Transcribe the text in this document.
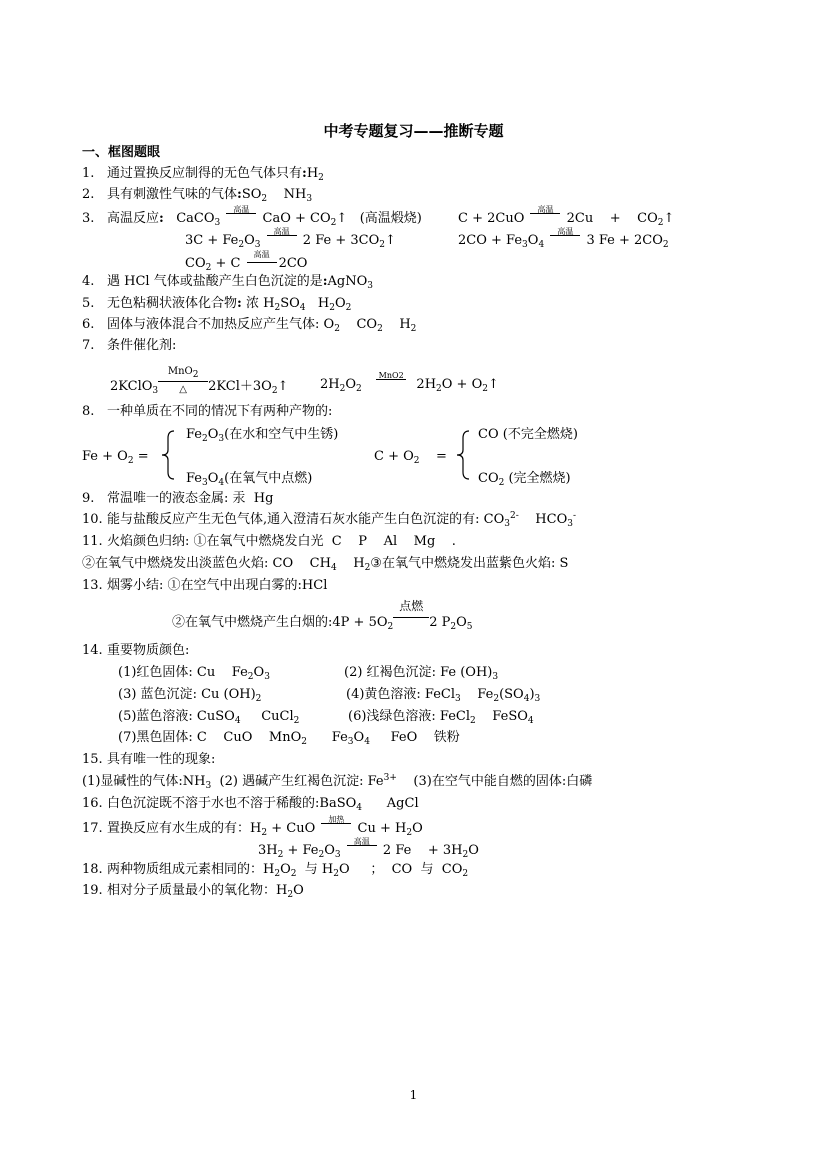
中考专题复习——推断专题
一、框图题眼
1. 通过置换反应制得的无色气体只有$:H_2$
2. 具有刺激性气味的气体$:SO_2$    $NH_3$
3. 高温反应:   CaCO$_3$
高温
CaO + $CO_2↑$   (高温煅烧)	C + 2CuO
高温
2Cu    +    $CO_2↑$
$3C + Fe_2O_3$
高温
2 $Fe + 3CO_2↑$	$2CO + Fe_3O_4$
高温
3 $Fe + 2CO_2$
$CO_2 + C$
高温
2CO
4. 遇 HCl 气体或盐酸产生白色沉淀的是:AgNO$_3$
5. 无色粘稠状液体化合物: 浓 $H_2SO_4$   $H_2O_2$
6. 固体与液体混合不加热反应产生气体: $O_2$    $CO_2$    $H_2$
7. 条件催化剂:
2KClO$_3$
MnO$_2$
△	$2KCl+3O_2↑$ $2H_2O_2$
MnO2
$2H_2O$ + $O_2↑$
8. 一种单质在不同的情况下有两种产物的:
$Fe_2O_3$(在水和空气中生锈)
$Fe + O_2$ =
$Fe_3O_4$(在氧气中点燃)
CO (不完全燃烧)
$C + O_2$    =
$CO_2$ (完全燃烧)
9. 常温唯一的液态金属: 汞  Hg
10. 能与盐酸反应产生无色气体,通入澄清石灰水能产生白色沉淀的有: $CO_3^{2-}$    $HCO_3^-$
11. 火焰颜色归纳: ①在氧气中燃烧发白光  C    P    Al    Mg    .
②在氧气中燃烧发出淡蓝色火焰: CO    $CH_4$    $H_2③$在氧气中燃烧发出蓝紫色火焰: S
13. 烟雾小结: ①在空气中出现白雾的:HCl
②在氧气中燃烧产生白烟的:4P + $5O_2$
点燃
2 $P_2O_5$
14. 重要物质颜色:
(1)红色固体: Cu    $Fe_2O_3$	(2) 红褐色沉淀: Fe $(OH)_3$
(3) 蓝色沉淀: Cu $(OH)_2$	(4)黄色溶液: FeCl$_3$    $Fe_2(SO_4)_3$
(5)蓝色溶液: CuSO$_4$     CuCl$_2$	(6)浅绿色溶液: FeCl$_2$    FeSO$_4$
(7)黑色固体: C    CuO    MnO$_2$      $Fe_3O_4$     FeO    铁粉
15. 具有唯一性的现象:
(1)显碱性的气体$:NH_3$ (2) 遇碱产生红褐色沉淀: $Fe^{3+}$ (3)在空气中能自燃的固体:白磷
16. 白色沉淀既不溶于水也不溶于稀酸的:BaSO$_4$      AgCl
17. 置换反应有水生成的有：$H_2$ + CuO
加热
$Cu + H_2O$
$3H_2 + Fe_2O_3$
高温
2 Fe    + $3H_2O$
18. 两种物质组成元素相同的：$H_2O_2$ 与 $H_2O$     ；  CO  与  $CO_2$
19. 相对分子质量最小的氧化物：$H_2O$
1
